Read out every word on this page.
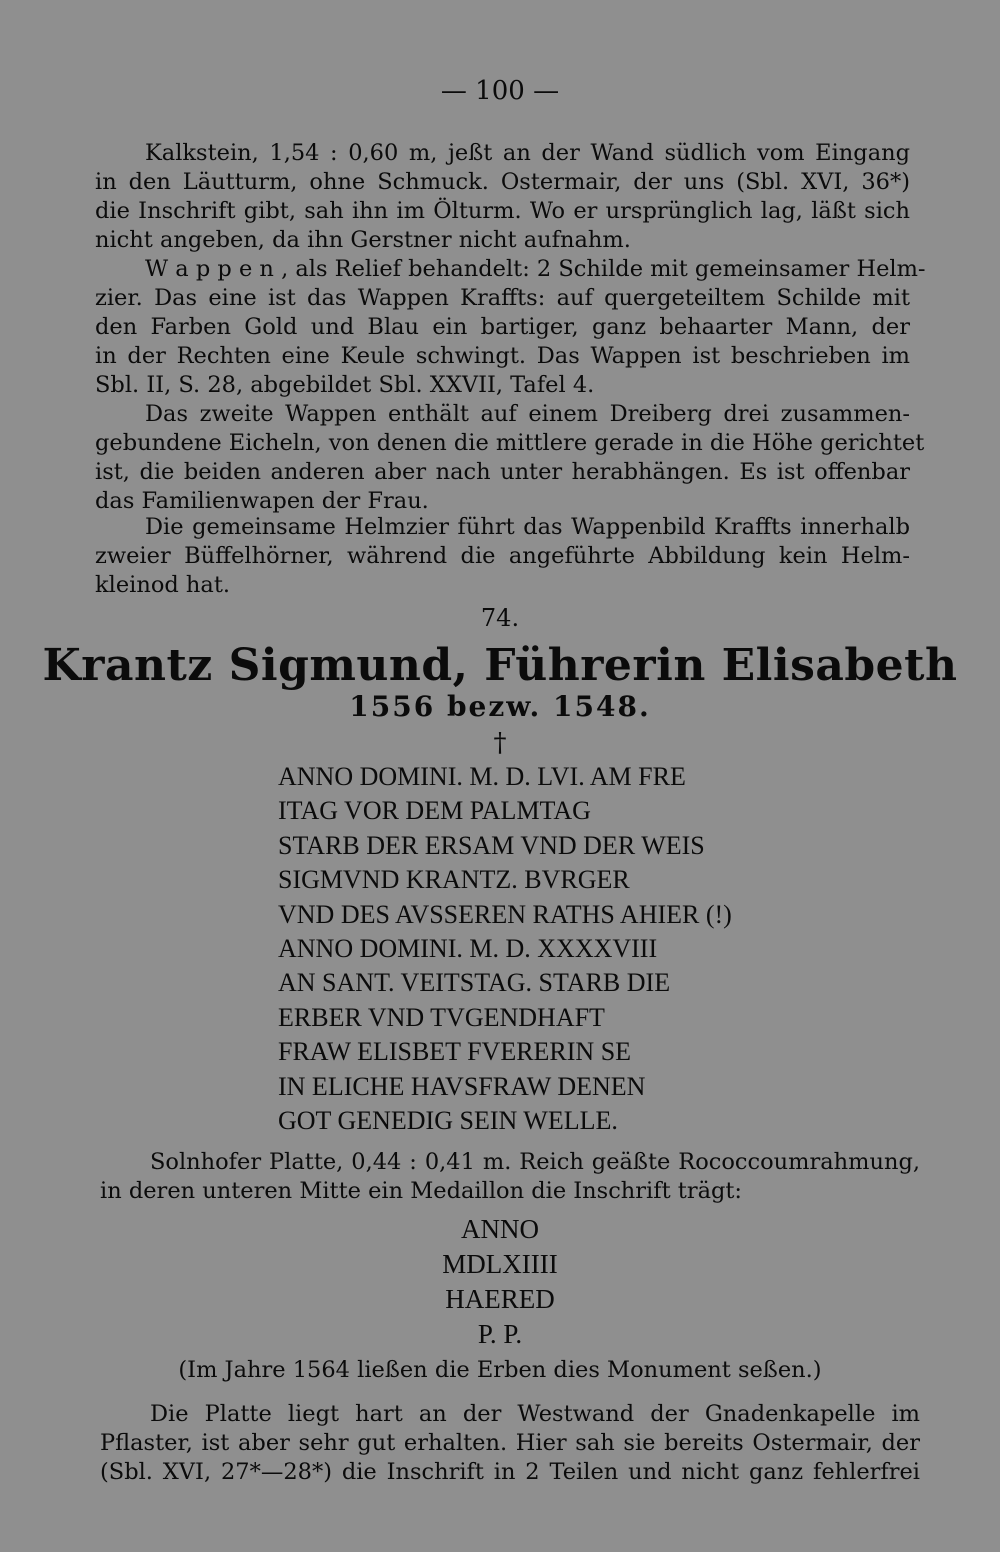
— 100 —
Kalkstein, 1,54 : 0,60 m, jeßt an der Wand südlich vom Eingang
in den Läutturm, ohne Schmuck. Ostermair, der uns (Sbl. XVI, 36*)
die Inschrift gibt, sah ihn im Ölturm. Wo er ursprünglich lag, läßt sich
nicht angeben, da ihn Gerstner nicht aufnahm.
W a p p e n , als Relief behandelt: 2 Schilde mit gemeinsamer Helm-
zier. Das eine ist das Wappen Kraffts: auf quergeteiltem Schilde mit
den Farben Gold und Blau ein bartiger, ganz behaarter Mann, der
in der Rechten eine Keule schwingt. Das Wappen ist beschrieben im
Sbl. II, S. 28, abgebildet Sbl. XXVII, Tafel 4.
Das zweite Wappen enthält auf einem Dreiberg drei zusammen-
gebundene Eicheln, von denen die mittlere gerade in die Höhe gerichtet
ist, die beiden anderen aber nach unter herabhängen. Es ist offenbar
das Familienwapen der Frau.
Die gemeinsame Helmzier führt das Wappenbild Kraffts innerhalb
zweier Büffelhörner, während die angeführte Abbildung kein Helm-
kleinod hat.
74.
Krantz Sigmund, Führerin Elisabeth
1556 bezw. 1548.
†
ANNO DOMINI. M. D. LVI. AM FRE
ITAG VOR DEM PALMTAG
STARB DER ERSAM VND DER WEIS
SIGMVND KRANTZ. BVRGER
VND DES AVSSEREN RATHS AHIER (!)
ANNO DOMINI. M. D. XXXXVIII
AN SANT. VEITSTAG. STARB DIE
ERBER VND TVGENDHAFT
FRAW ELISBET FVERERIN SE
IN ELICHE HAVSFRAW DENEN
GOT GENEDIG SEIN WELLE.
Solnhofer Platte, 0,44 : 0,41 m. Reich geäßte Rococcoumrahmung,
in deren unteren Mitte ein Medaillon die Inschrift trägt:
ANNO
MDLXIIII
HAERED
P. P.
(Im Jahre 1564 ließen die Erben dies Monument seßen.)
Die Platte liegt hart an der Westwand der Gnadenkapelle im
Pflaster, ist aber sehr gut erhalten. Hier sah sie bereits Ostermair, der
(Sbl. XVI, 27*—28*) die Inschrift in 2 Teilen und nicht ganz fehlerfrei
